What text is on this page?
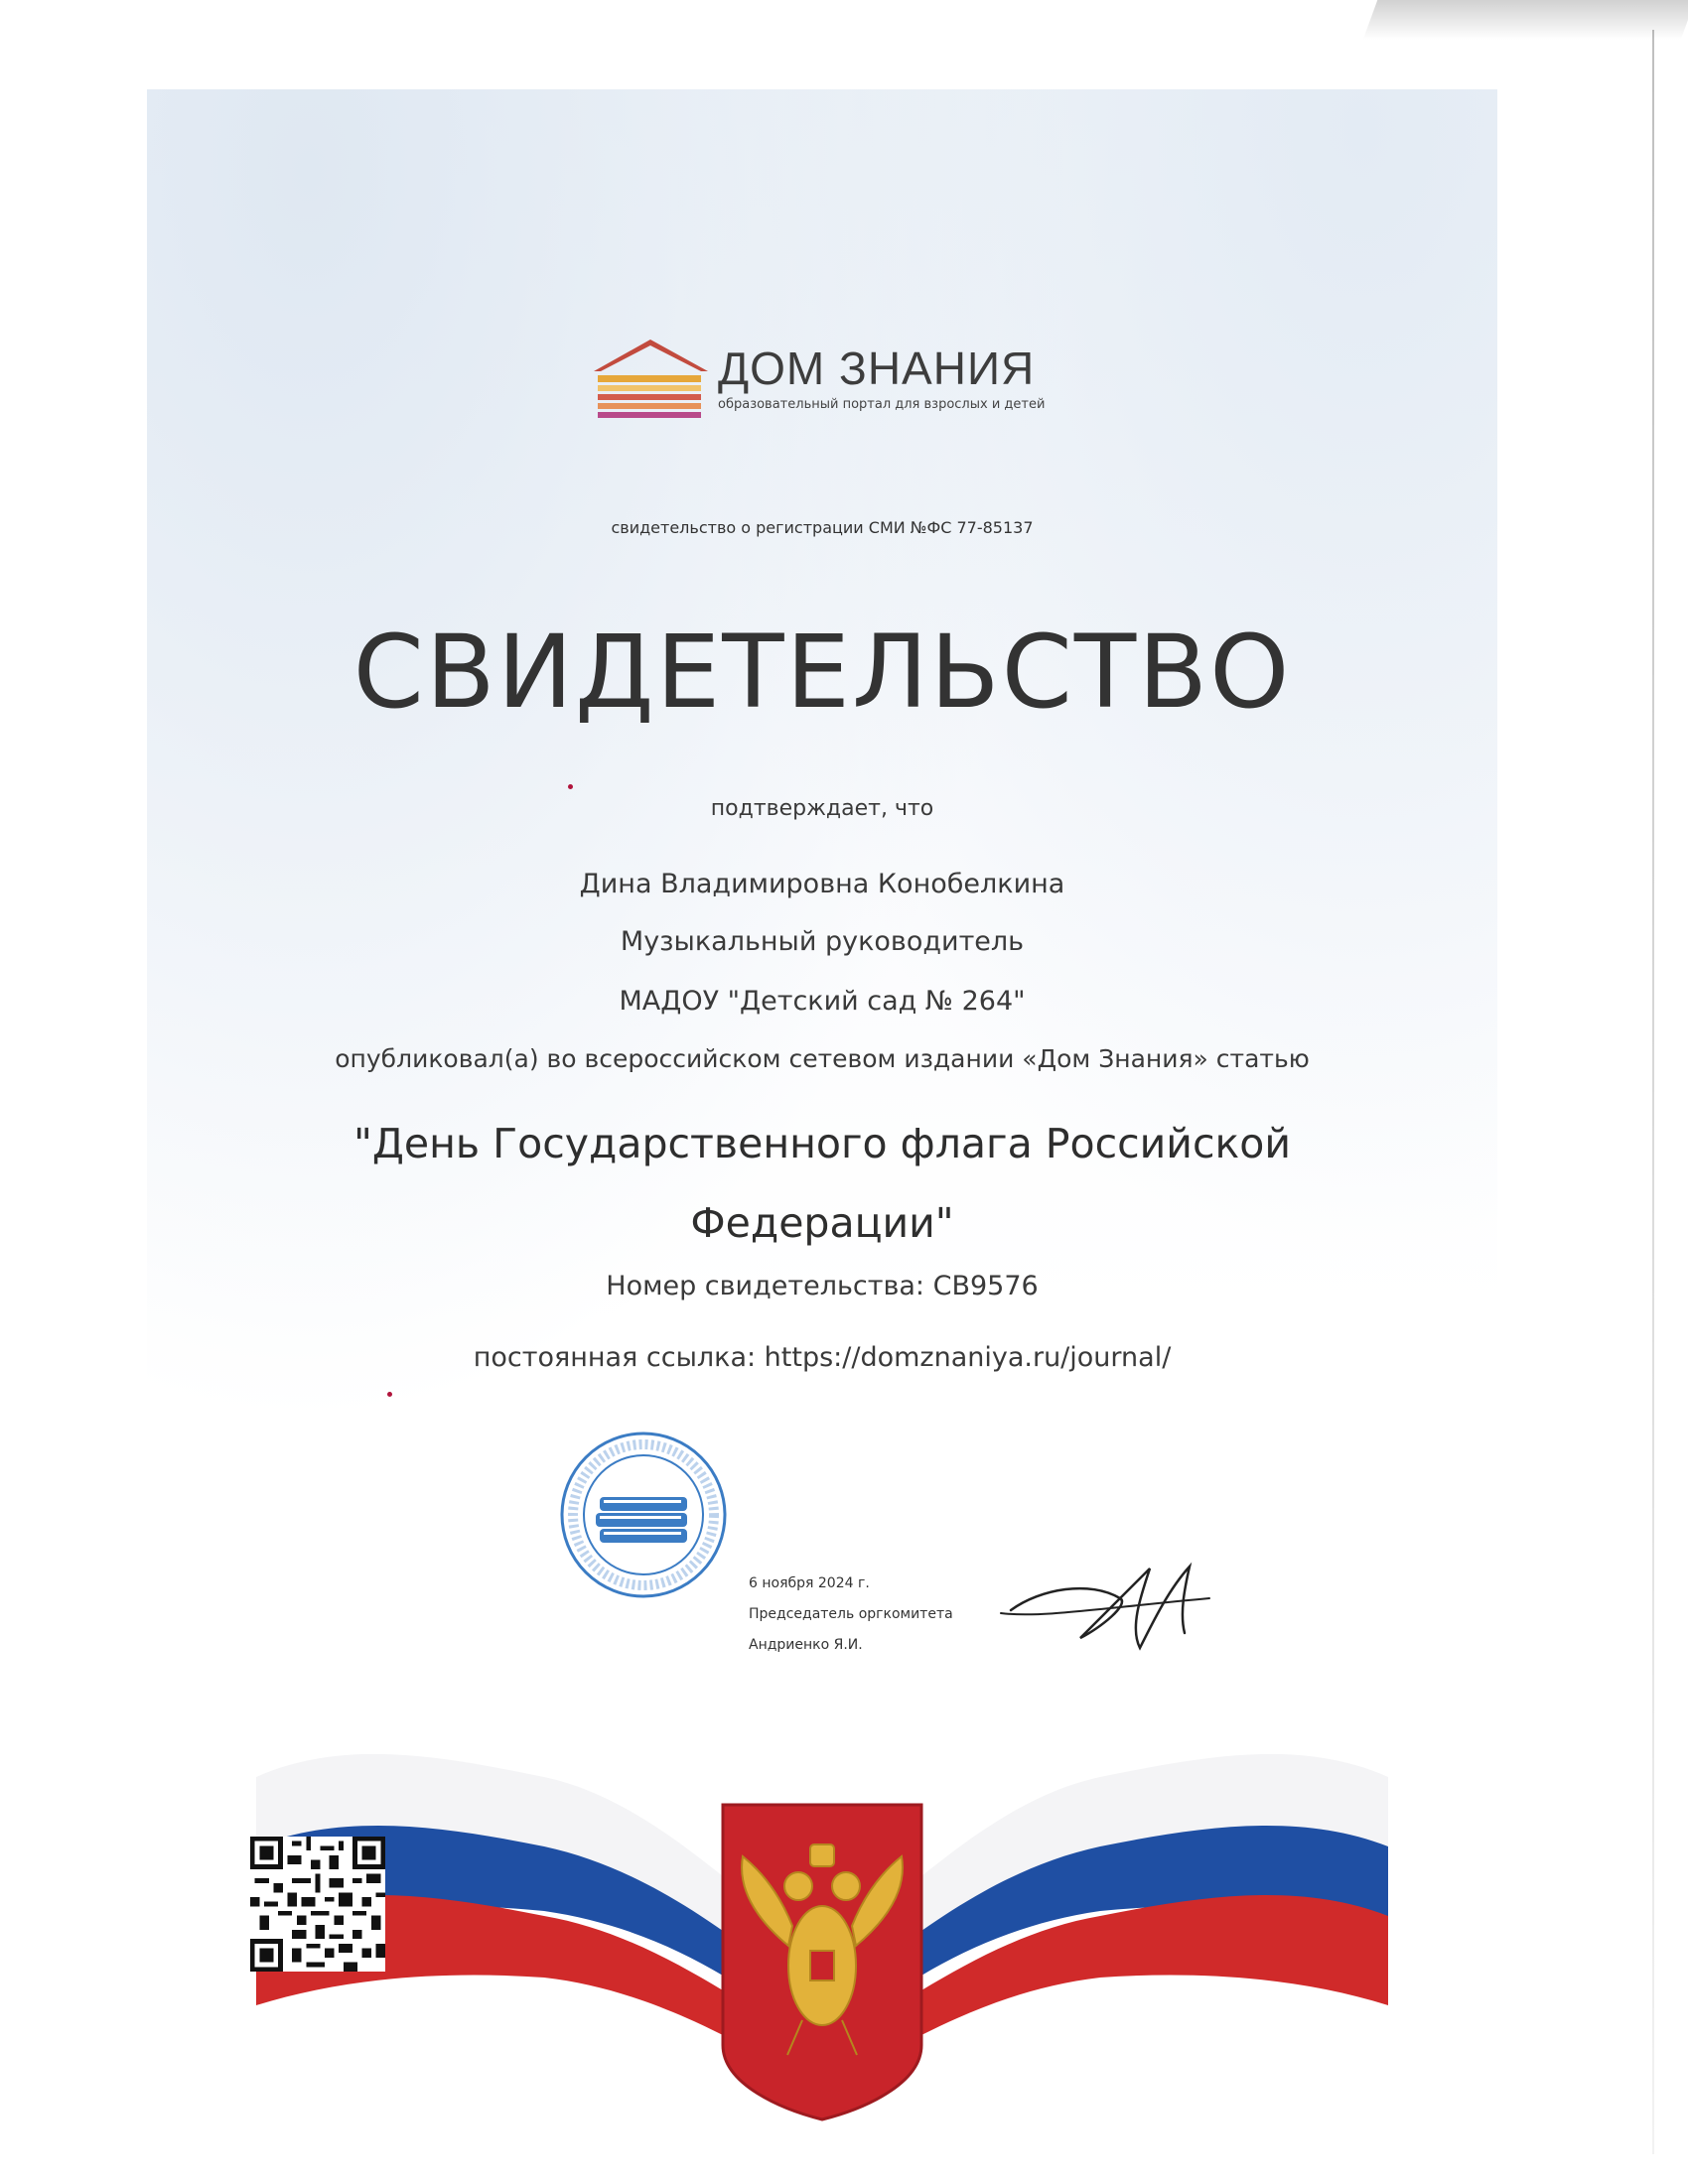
ДОМ ЗНАНИЯ
образовательный портал для взрослых и детей
свидетельство о регистрации СМИ №ФС 77-85137
СВИДЕТЕЛЬСТВО
подтверждает, что
Дина Владимировна Конобелкина
Музыкальный руководитель
МАДОУ "Детский сад № 264"
опубликовал(а) во всероссийском сетевом издании «Дом Знания» статью
"День Государственного флага Российской
Федерации"
Номер свидетельства: СВ9576
постоянная ссылка: https://domznaniya.ru/journal/
6 ноября 2024 г.
Председатель оргкомитета
Андриенко Я.И.
